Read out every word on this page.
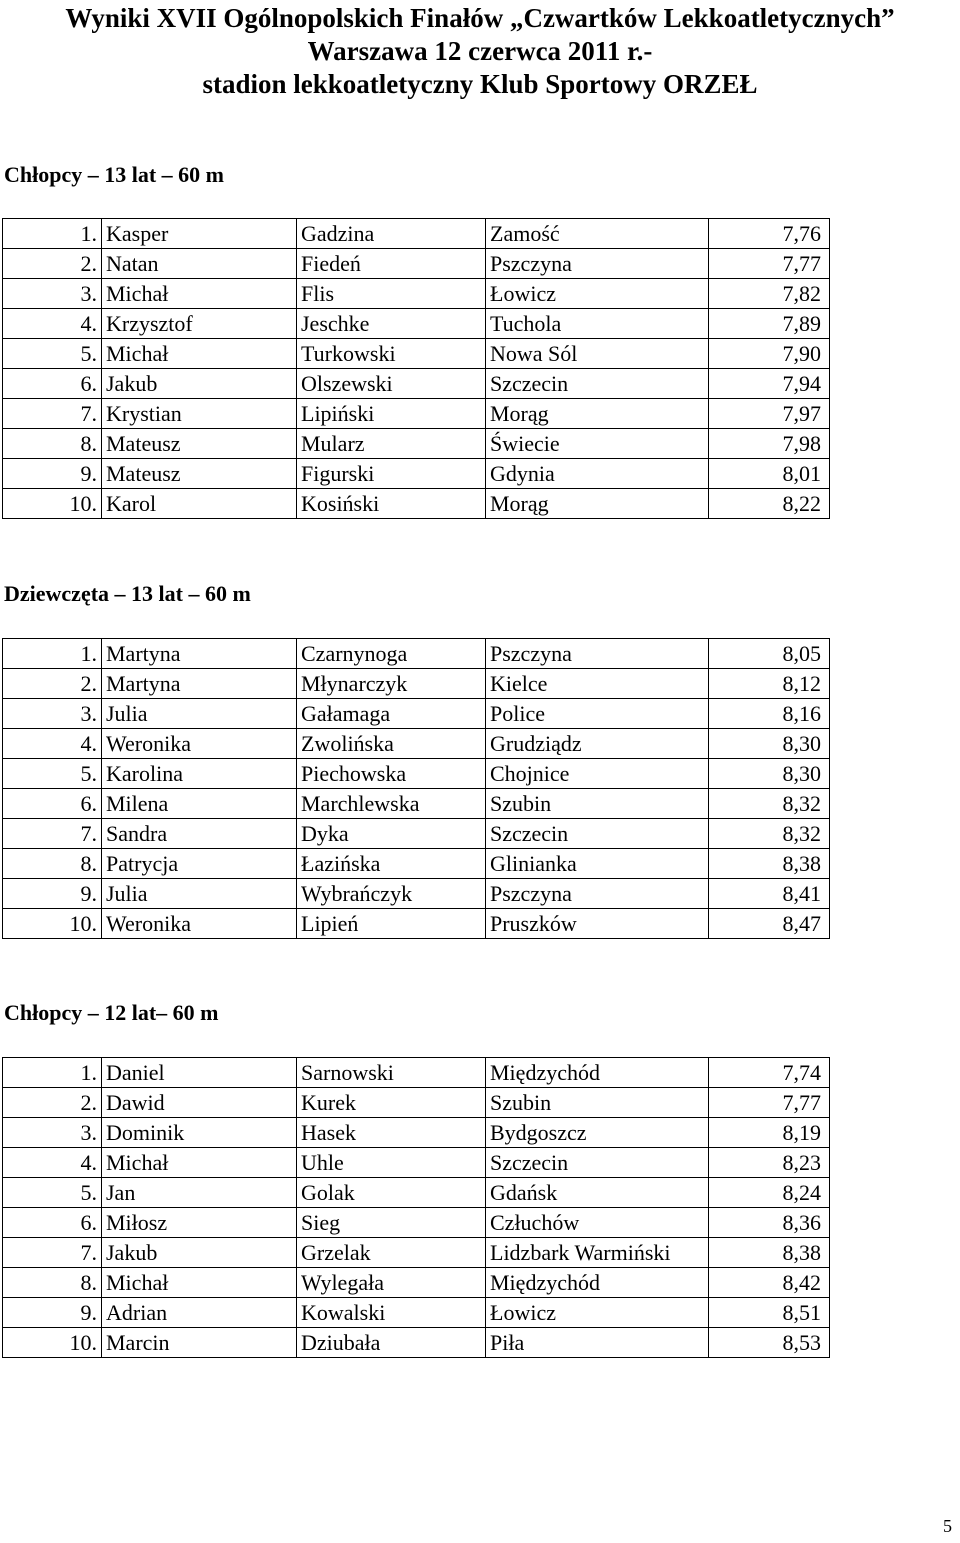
Wyniki XVII Ogólnopolskich Finałów „Czwartków Lekkoatletycznych”
Warszawa 12 czerwca 2011 r.-
stadion lekkoatletyczny Klub Sportowy ORZEŁ
Chłopcy – 13 lat – 60 m
1.	Kasper	Gadzina	Zamość	7,76
2.	Natan	Fiedeń	Pszczyna	7,77
3.	Michał	Flis	Łowicz	7,82
4.	Krzysztof	Jeschke	Tuchola	7,89
5.	Michał	Turkowski	Nowa Sól	7,90
6.	Jakub	Olszewski	Szczecin	7,94
7.	Krystian	Lipiński	Morąg	7,97
8.	Mateusz	Mularz	Świecie	7,98
9.	Mateusz	Figurski	Gdynia	8,01
10.	Karol	Kosiński	Morąg	8,22
Dziewczęta – 13 lat – 60 m
1.	Martyna	Czarnynoga	Pszczyna	8,05
2.	Martyna	Młynarczyk	Kielce	8,12
3.	Julia	Gałamaga	Police	8,16
4.	Weronika	Zwolińska	Grudziądz	8,30
5.	Karolina	Piechowska	Chojnice	8,30
6.	Milena	Marchlewska	Szubin	8,32
7.	Sandra	Dyka	Szczecin	8,32
8.	Patrycja	Łazińska	Glinianka	8,38
9.	Julia	Wybrańczyk	Pszczyna	8,41
10.	Weronika	Lipień	Pruszków	8,47
Chłopcy – 12 lat– 60 m
1.	Daniel	Sarnowski	Międzychód	7,74
2.	Dawid	Kurek	Szubin	7,77
3.	Dominik	Hasek	Bydgoszcz	8,19
4.	Michał	Uhle	Szczecin	8,23
5.	Jan	Golak	Gdańsk	8,24
6.	Miłosz	Sieg	Człuchów	8,36
7.	Jakub	Grzelak	Lidzbark Warmiński	8,38
8.	Michał	Wylegała	Międzychód	8,42
9.	Adrian	Kowalski	Łowicz	8,51
10.	Marcin	Dziubała	Piła	8,53
5
